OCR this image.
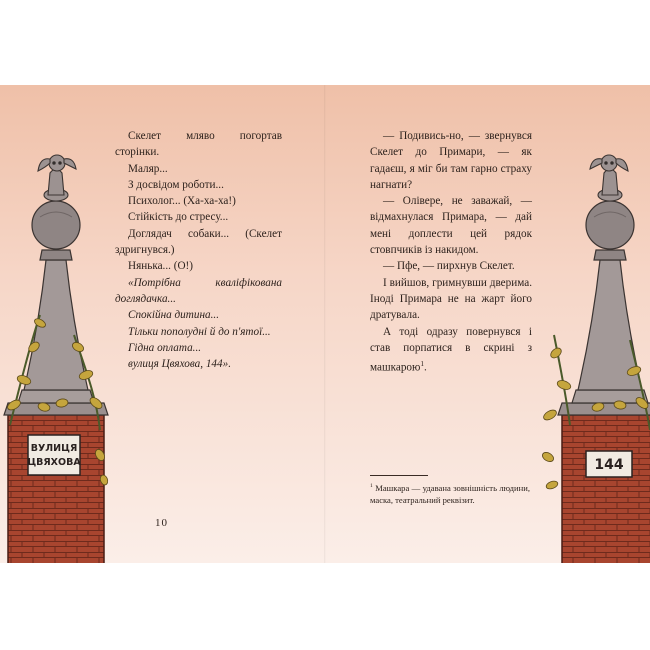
ВУЛИЦЯ
ЦВЯХОВА

Скелет мляво погортав сторінки.

Маляр...

З досвідом роботи...

Психолог... (Ха-ха-ха!)

Стійкість до стресу...

Доглядач собаки... (Скелет здригнувся.)

Нянька... (О!)

«Потрібна кваліфікована доглядачка...

Спокійна дитина...

Тільки пополудні й до п'ятої...

Гідна оплата...

вулиця Цвяхова, 144».

10

— Подивись-но, — звернувся Скелет до Примари, — як гадаєш, я міг би там гарно страху нагнати?

— Олівере, не заважай, — відмахнулася Примара, — дай мені доплести цей рядок стовпчиків із накидом.

— Пфе, — пирхнув Скелет.

І вийшов, гримнувши дверима. Іноді Примара не на жарт його дратувала.

А тоді одразу повернувся і став порпатися в скрині з машкарою$^1$.

$^1$ Машкара — удавана зовнішність людини, маска, театральний реквізит.
144
